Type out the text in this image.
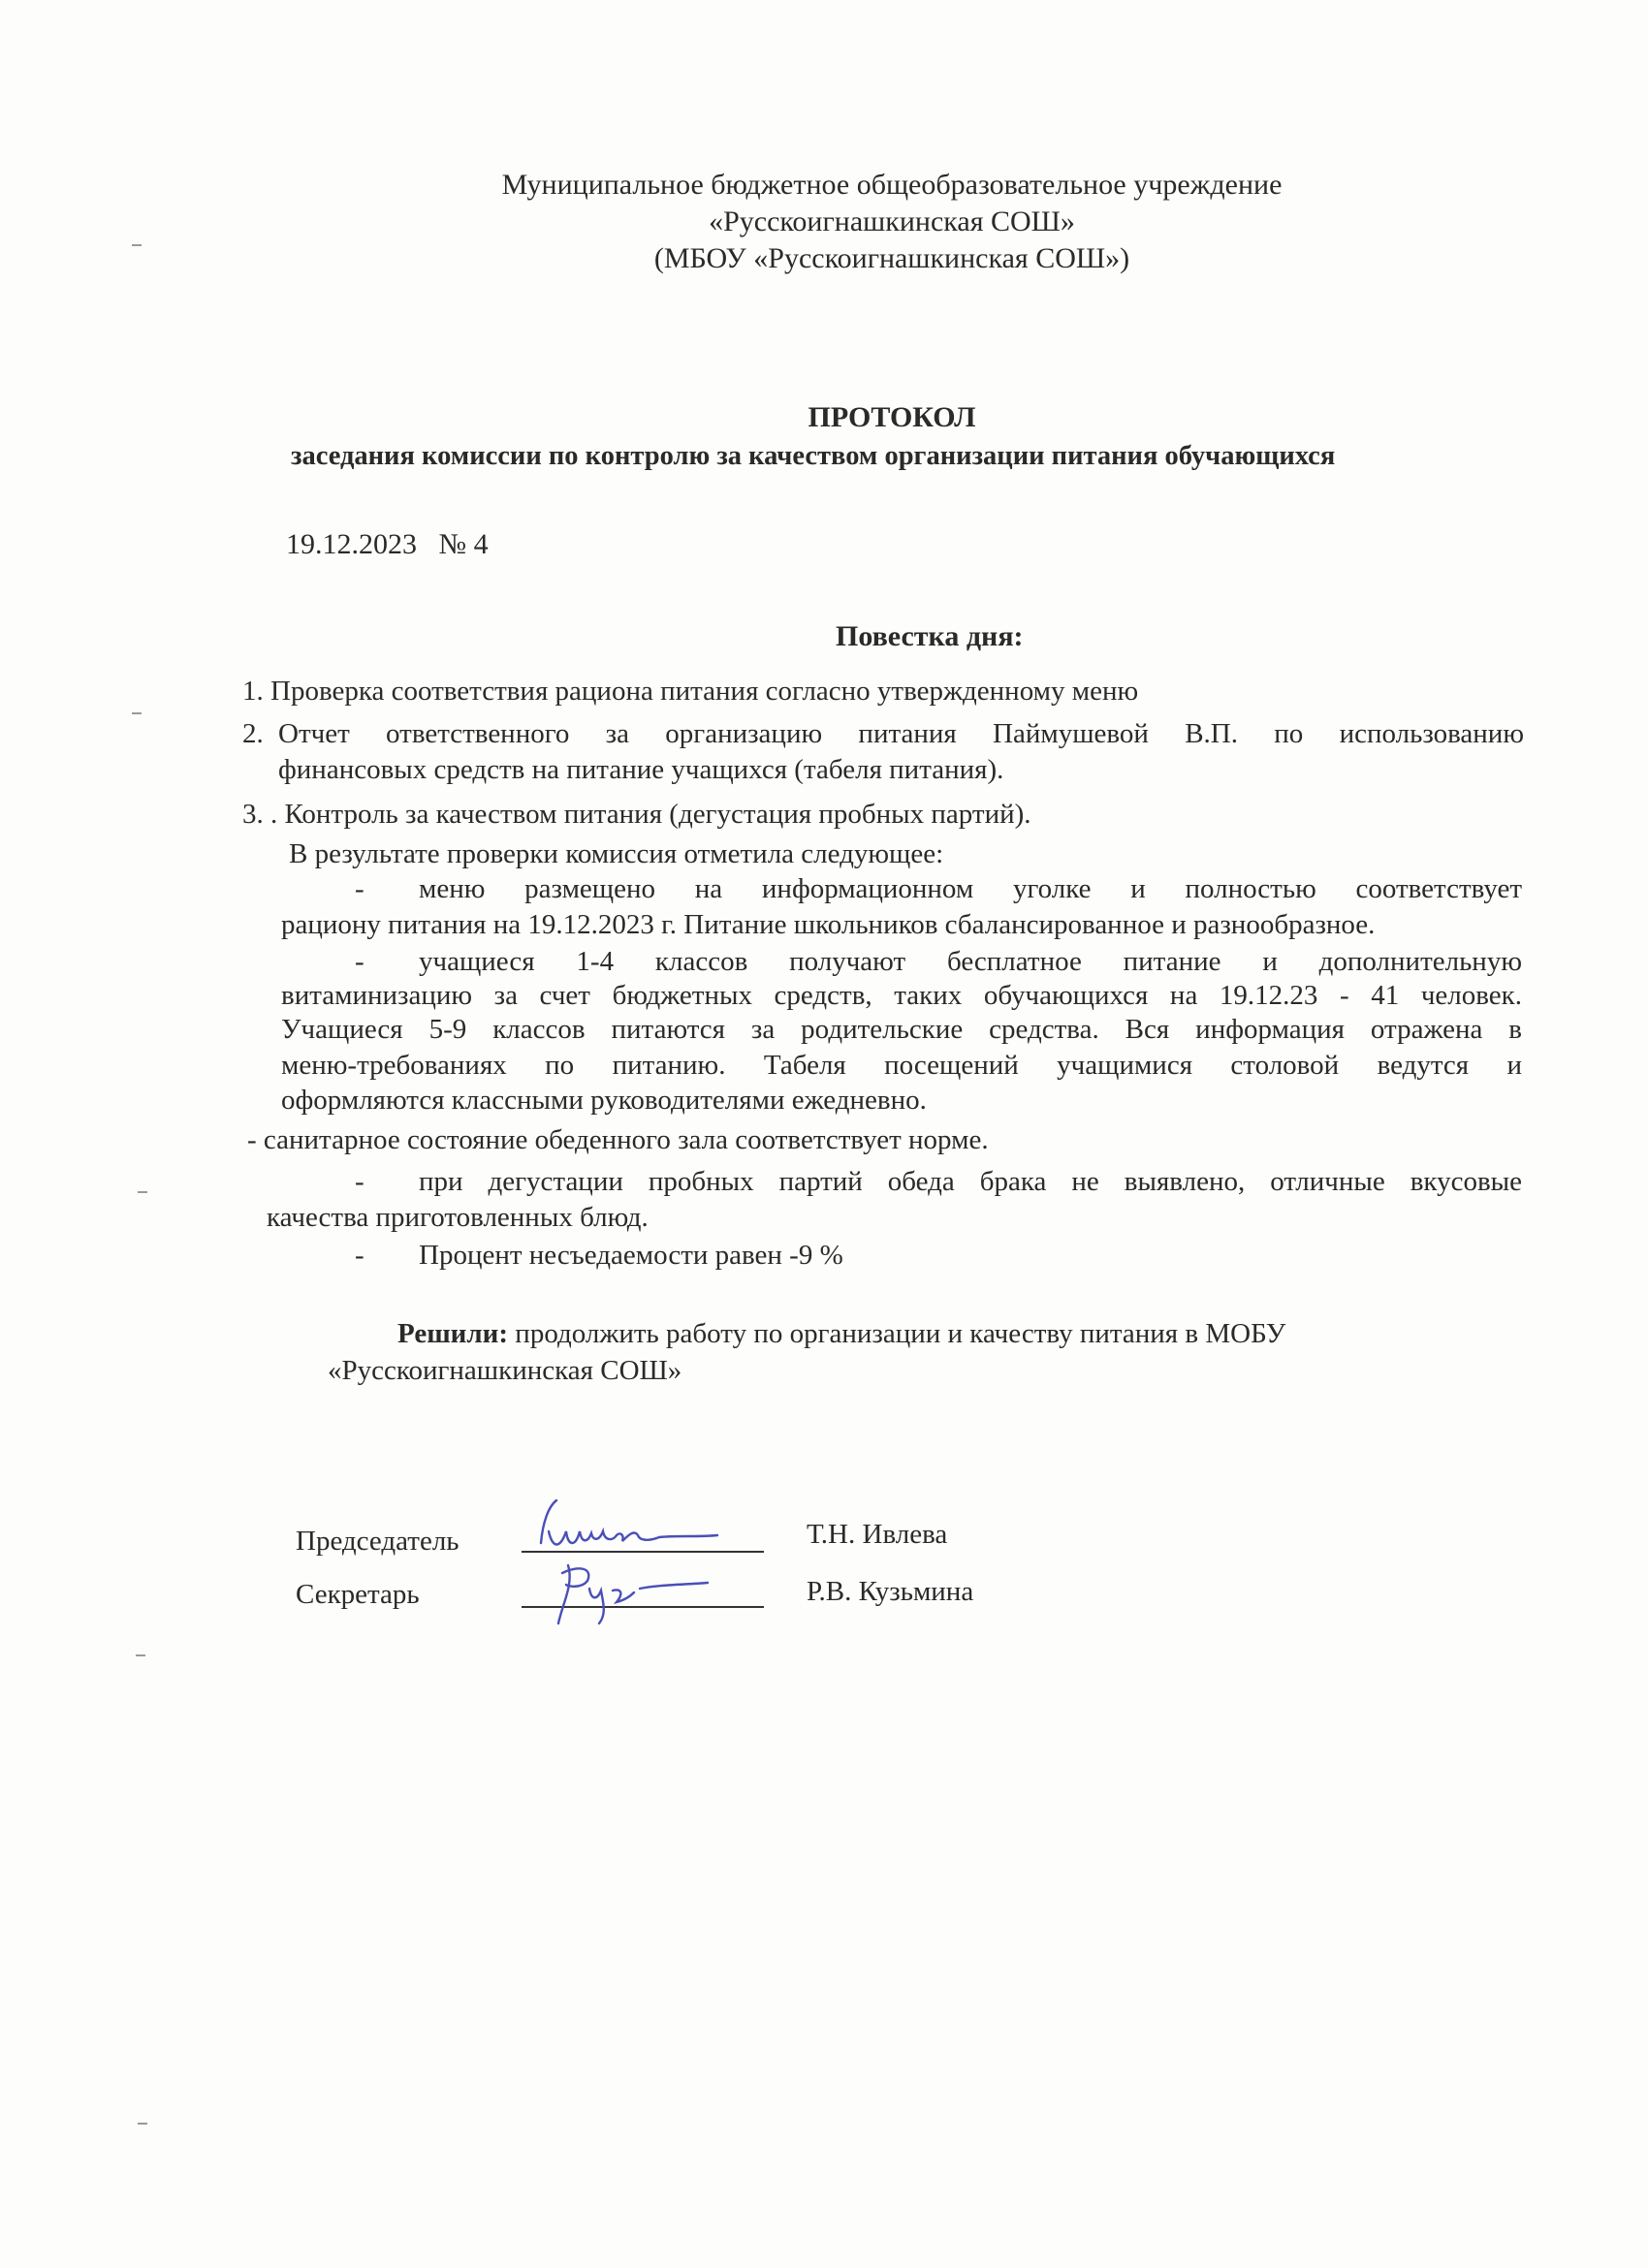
Муниципальное бюджетное общеобразовательное учреждение
«Русскоигнашкинская СОШ»
(МБОУ «Русскоигнашкинская СОШ»)
ПРОТОКОЛ
заседания комиссии по контролю за качеством организации питания обучающихся
19.12.2023 № 4
Повестка дня:
1. Проверка соответствия рациона питания согласно утвержденному меню
2. Отчет ответственного за организацию питания Паймушевой В.П. по использованию
финансовых средств на питание учащихся (табеля питания).
3. . Контроль за качеством питания (дегустация пробных партий).
В результате проверки комиссия отметила следующее:
- меню размещено на информационном уголке и полностью соответствует
рациону питания на 19.12.2023 г. Питание школьников сбалансированное и разнообразное.
- учащиеся 1-4 классов получают бесплатное питание и дополнительную
витаминизацию за счет бюджетных средств, таких обучающихся на 19.12.23 - 41 человек.
Учащиеся 5-9 классов питаются за родительские средства. Вся информация отражена в
меню-требованиях по питанию. Табеля посещений учащимися столовой ведутся и
оформляются классными руководителями ежедневно.
- санитарное состояние обеденного зала соответствует норме.
- при дегустации пробных партий обеда брака не выявлено, отличные вкусовые
качества приготовленных блюд.
- Процент несъедаемости равен -9 %
Решили: продолжить работу по организации и качеству питания в МОБУ
«Русскоигнашкинская СОШ»
Председатель	Т.Н. Ивлева
Секретарь	Р.В. Кузьмина
